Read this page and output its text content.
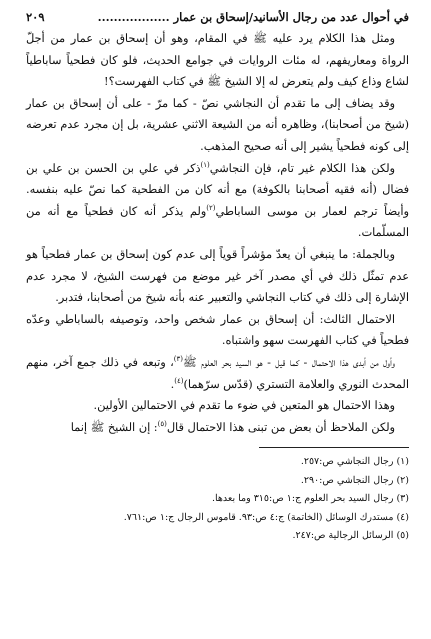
في أحوال عدد من رجال الأسانيد/إسحاق بن عمار ..................
٢٠٩

ومثل هذا الكلام يرد عليه ﷺ في المقام، وهو أن إسحاق بن عمار من أجلّ الرواة ومعاريفهم، له مئات الروايات في جوامع الحديث، فلو كان فطحياً ساباطياً لشاع وذاع كيف ولم يتعرض له إلا الشيخ ﷺ في كتاب الفهرست؟!

وقد يضاف إلى ما تقدم أن النجاشي نصّ - كما مرّ - على أن إسحاق بن عمار (شيخ من أصحابنا)، وظاهره أنه من الشيعة الاثني عشرية، بل إن مجرد عدم تعرضه إلى كونه فطحياً يشير إلى أنه صحيح المذهب.

ولكن هذا الكلام غير تام، فإن النجاشي$^{(١)}$ذكر في علي بن الحسن بن علي بن فضال (أنه فقيه أصحابنا بالكوفة) مع أنه كان من الفطحية كما نصّ عليه بنفسه. وأيضاً ترجم لعمار بن موسى الساباطي$^{(٢)}$ولم يذكر أنه كان فطحياً مع أنه من المسلّمات.

وبالجملة: ما ينبغي أن يعدّ مؤشراً قوياً إلى عدم كون إسحاق بن عمار فطحياً هو عدم تمثّل ذلك في أي مصدر آخر غير موضع من فهرست الشيخ، لا مجرد عدم الإشارة إلى ذلك في كتاب النجاشي والتعبير عنه بأنه شيخ من أصحابنا، فتدبر.

الاحتمال الثالث: أن إسحاق بن عمار شخص واحد، وتوصيفه بالساباطي وعدّه فطحياً في كتاب الفهرست سهو واشتباه.

وأول من أبدى هذا الاحتمال - كما قيل - هو السيد بحر العلوم ﷺ$^{(٣)}$، وتبعه في ذلك جمع آخر، منهم المحدث النوري والعلامة التستري (قدّس سرّهما)$^{(٤)}$.

وهذا الاحتمال هو المتعين في ضوء ما تقدم في الاحتمالين الأولين.

ولكن الملاحظ أن بعض من تبنى هذا الاحتمال قال$^{(٥)}$: إن الشيخ ﷺ إنما

(١) رجال النجاشي ص:٢٥٧.
(٢) رجال النجاشي ص:٢٩٠.
(٣) رجال السيد بحر العلوم ج:١ ص:٣١٥ وما بعدها.
(٤) مستدرك الوسائل (الخاتمة) ج:٤ ص:٩٣. قاموس الرجال ج:١ ص:٧٦١.
(٥) الرسائل الرجالية ص:٢٤٧.
